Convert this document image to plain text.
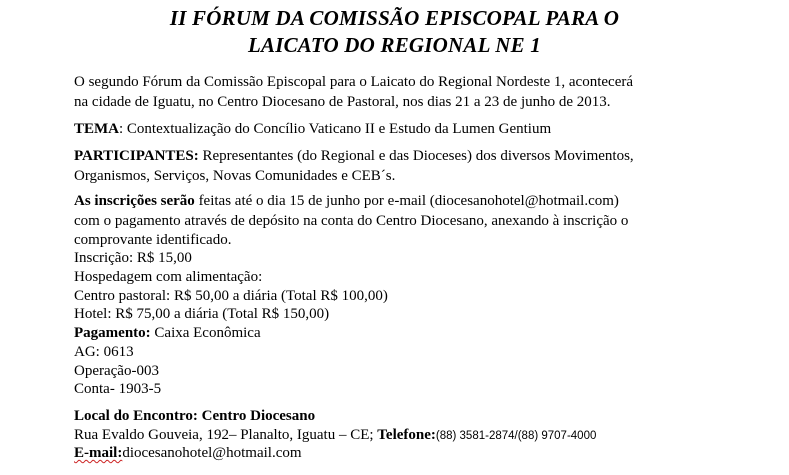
II FÓRUM DA COMISSÃO EPISCOPAL PARA O
LAICATO DO REGIONAL NE 1
O segundo Fórum da Comissão Episcopal para o Laicato do Regional Nordeste 1, acontecerá
na cidade de Iguatu, no Centro Diocesano de Pastoral, nos dias 21 a 23 de junho de 2013.
TEMA: Contextualização do Concílio Vaticano II e Estudo da Lumen Gentium
PARTICIPANTES: Representantes (do Regional e das Dioceses) dos diversos Movimentos,
Organismos, Serviços, Novas Comunidades e CEB´s.
As inscrições serão feitas até o dia 15 de junho por e-mail (diocesanohotel@hotmail.com)
com o pagamento através de depósito na conta do Centro Diocesano, anexando à inscrição o
comprovante identificado.
Inscrição: R$ 15,00
Hospedagem com alimentação:
Centro pastoral: R$ 50,00 a diária (Total R$ 100,00)
Hotel: R$ 75,00 a diária (Total R$ 150,00)
Pagamento: Caixa Econômica
AG: 0613
Operação-003
Conta- 1903-5
Local do Encontro: Centro Diocesano
Rua Evaldo Gouveia, 192– Planalto, Iguatu – CE; Telefone:(88) 3581-2874/(88) 9707-4000
E-mail:diocesanohotel@hotmail.com
